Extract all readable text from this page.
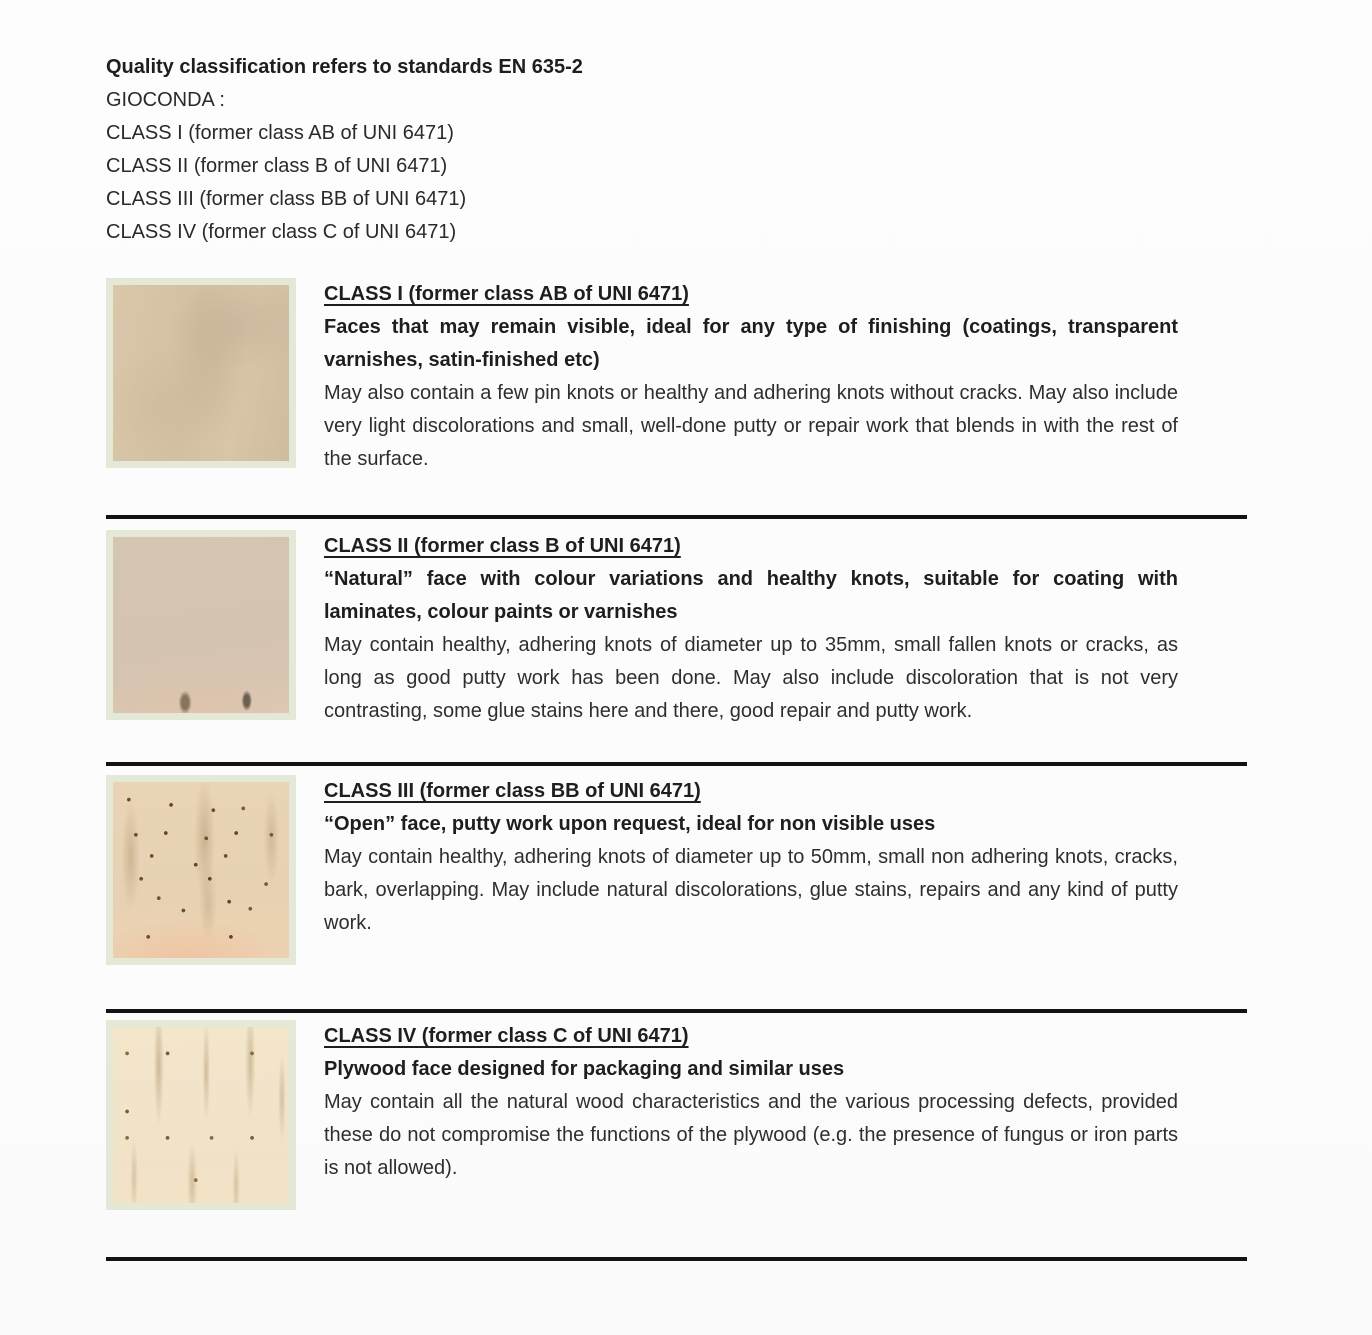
Quality classification refers to standards EN 635-2

GIOCONDA :

CLASS I (former class AB of UNI 6471)

CLASS II (former class B of UNI 6471)

CLASS III (former class BB of UNI 6471)

CLASS IV (former class C of UNI 6471)

CLASS I (former class AB of UNI 6471)

Faces that may remain visible, ideal for any type of finishing (coatings, transparent varnishes, satin-finished etc)

May also contain a few pin knots or healthy and adhering knots without cracks. May also include very light discolorations and small, well-done putty or repair work that blends in with the rest of the surface.

CLASS II (former class B of UNI 6471)

“Natural” face with colour variations and healthy knots, suitable for coating with laminates, colour paints or varnishes

May contain healthy, adhering knots of diameter up to 35mm, small fallen knots or cracks, as long as good putty work has been done. May also include discoloration that is not very contrasting, some glue stains here and there, good repair and putty work.

CLASS III (former class BB of UNI 6471)

“Open” face, putty work upon request, ideal for non visible uses

May contain healthy, adhering knots of diameter up to 50mm, small non adhering knots, cracks, bark, overlapping. May include natural discolorations, glue stains, repairs and any kind of putty work.

CLASS IV (former class C of UNI 6471)

Plywood face designed for packaging and similar uses

May contain all the natural wood characteristics and the various processing defects, provided these do not compromise the functions of the plywood (e.g. the presence of fungus or iron parts is not allowed).
